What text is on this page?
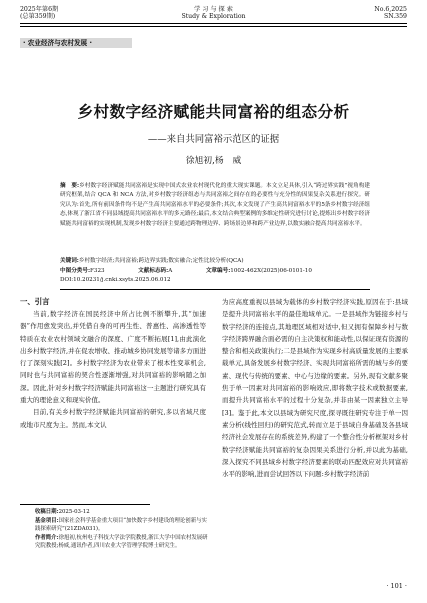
2025年第6期
(总第359期)
学 习 与 探 索
Study & Exploration
No.6,2025
SN.359
· 农业经济与农村发展 ·
乡村数字经济赋能共同富裕的组态分析
——来自共同富裕示范区的证据
徐旭初,杨　威
摘　要:乡村数字经济赋能共同富裕是实现中国式农业农村现代化的重大现实课题。本文立足具体,引入“跨过界实践”视角构建研究框架,结合 QCA 和 NCA 方法,对乡村数字经济组态与共同富裕之间存在的必要性与充分性的因果复杂关系进行探究。研究认为:首先,所有前因条件均不是产生高共同富裕水平的必要条件;其次,本文发现了产生高共同富裕水平的5条乡村数字经济组态,体现了浙江省不同县域提高共同富裕水平的多元路径;最后,本文结合典型案例的多维定性研究进行讨论,提炼出乡村数字经济赋能共同富裕的实现机制,发现乡村数字经济主要通过跨物理边界、跨场景边界和跨产业边界,以数实融合提高共同富裕水平。
关键词:乡村数字经济;共同富裕;跨边界实践;数实融合;定性比较分析(QCA)
中图分类号:F323	文献标志码:A	文章编号:1002-462X(2025)06-0101-10
DOI:10.20231/j.cnki.xsyts.2025.06.012
一、引言

当前,数字经济在国民经济中所占比例不断攀升,其“加速器”作用愈发突出,并凭借自身的可再生性、普惠性、高渗透性等特质在农业农村领域文融合的深度、广度不断拓展[1],由此演化出乡村数字经济,并在促农增收、推动城乡协同发展等诸多方面进行了深刻实践[2]。乡村数字经济为农业带来了根本性变革机会,同时也与共同富裕的契合性逐渐增强,对共同富裕的影响随之加深。因此,针对乡村数字经济赋能共同富裕这一主题进行研究具有重大的理论意义和现实价值。

目前,有关乡村数字经济赋能共同富裕的研究,多以省域尺度或地市尺度为主。然而,本文认

收稿日期:2025-03-12
基金项目:国家社会科学基金重大项目“加快数字乡村建设的理论创新与实践探索研究”(21ZDA031)。
作者简介:徐旭初,杭州电子科技大学法学院教授,浙江大学中国农村发展研究院教授;杨威,通讯作者,四川农业大学管理学院博士研究生。

为应高度重视以县域为载体的乡村数字经济实践,原因在于:县域是提升共同富裕水平的最佳地域单元。一是县域作为链接乡村与数字经济的连接点,其地理区域相对适中,但又拥有保障乡村与数字经济跨界融合面必需的自主决策权和能动性,以保证现有资源的整合和相关政策执行;二是县域作为实现乡村高质量发展的主要承载单元,具备发展乡村数字经济、实现共同富裕所需的城与乡的要素、现代与传统的要素、中心与边缘的要素。另外,现有文献多聚焦于单一因素对共同富裕的影响效应,即将数字技术或数据要素,而提升共同富裕水平的过程十分复杂,并非由某一因素独立主导[3]。鉴于此,本文以县域为研究尺度,探寻既往研究专注于单一因素分析(线性回归)的研究范式,转而立足于县域自身基础及各县域经济社会发展存在的系统差异,构建了一个整合性分析框架对乡村数字经济赋能共同富裕的复杂因果关系进行分析,并以此为基础,深入探究不同县域乡村数字经济要素的联动匹配效应对共同富裕水平的影响,进而尝试回答以下问题:乡村数字经济前

· 101 ·
